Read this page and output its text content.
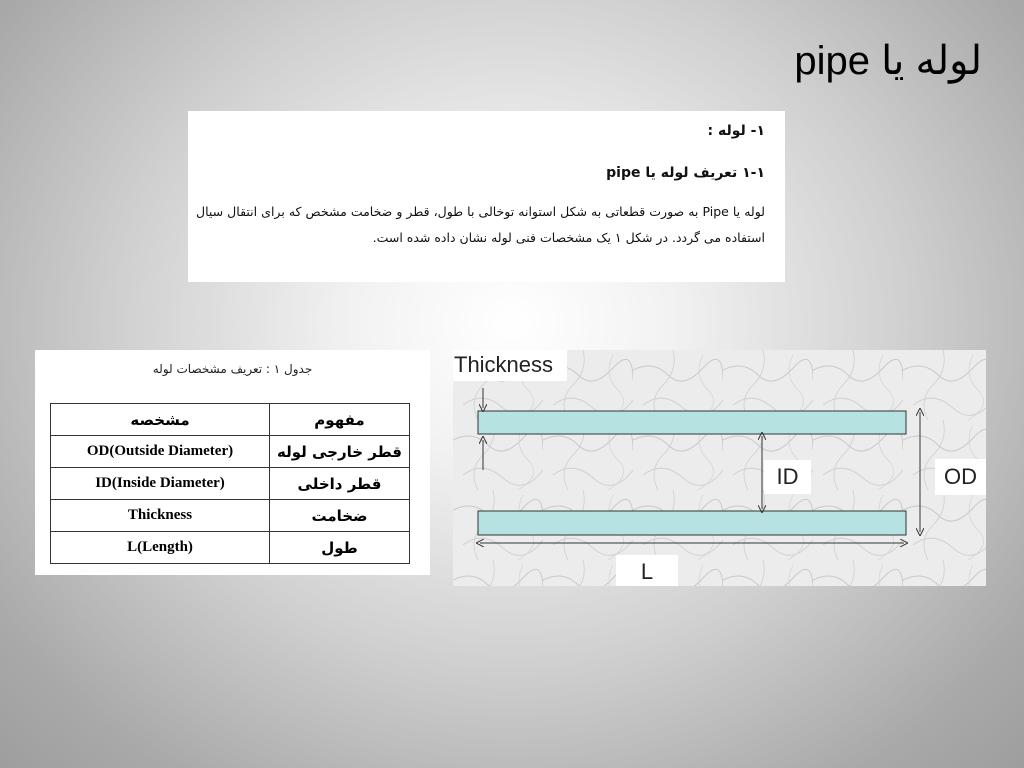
لوله یا pipe
۱- لوله :
۱-۱ تعریف لوله یا pipe
لوله یا Pipe به صورت قطعاتی به شکل استوانه توخالی با طول، قطر و ضخامت مشخص که برای انتقال سیال استفاده می گردد. در شکل ۱ یک مشخصات فنی لوله نشان داده شده است.
جدول ۱ : تعریف مشخصات لوله
مشخصه	مفهوم
OD(Outside Diameter)	قطر خارجی لوله
ID(Inside Diameter)	قطر داخلی
Thickness	ضخامت
L(Length)	طول
Thickness
ID	OD
L
